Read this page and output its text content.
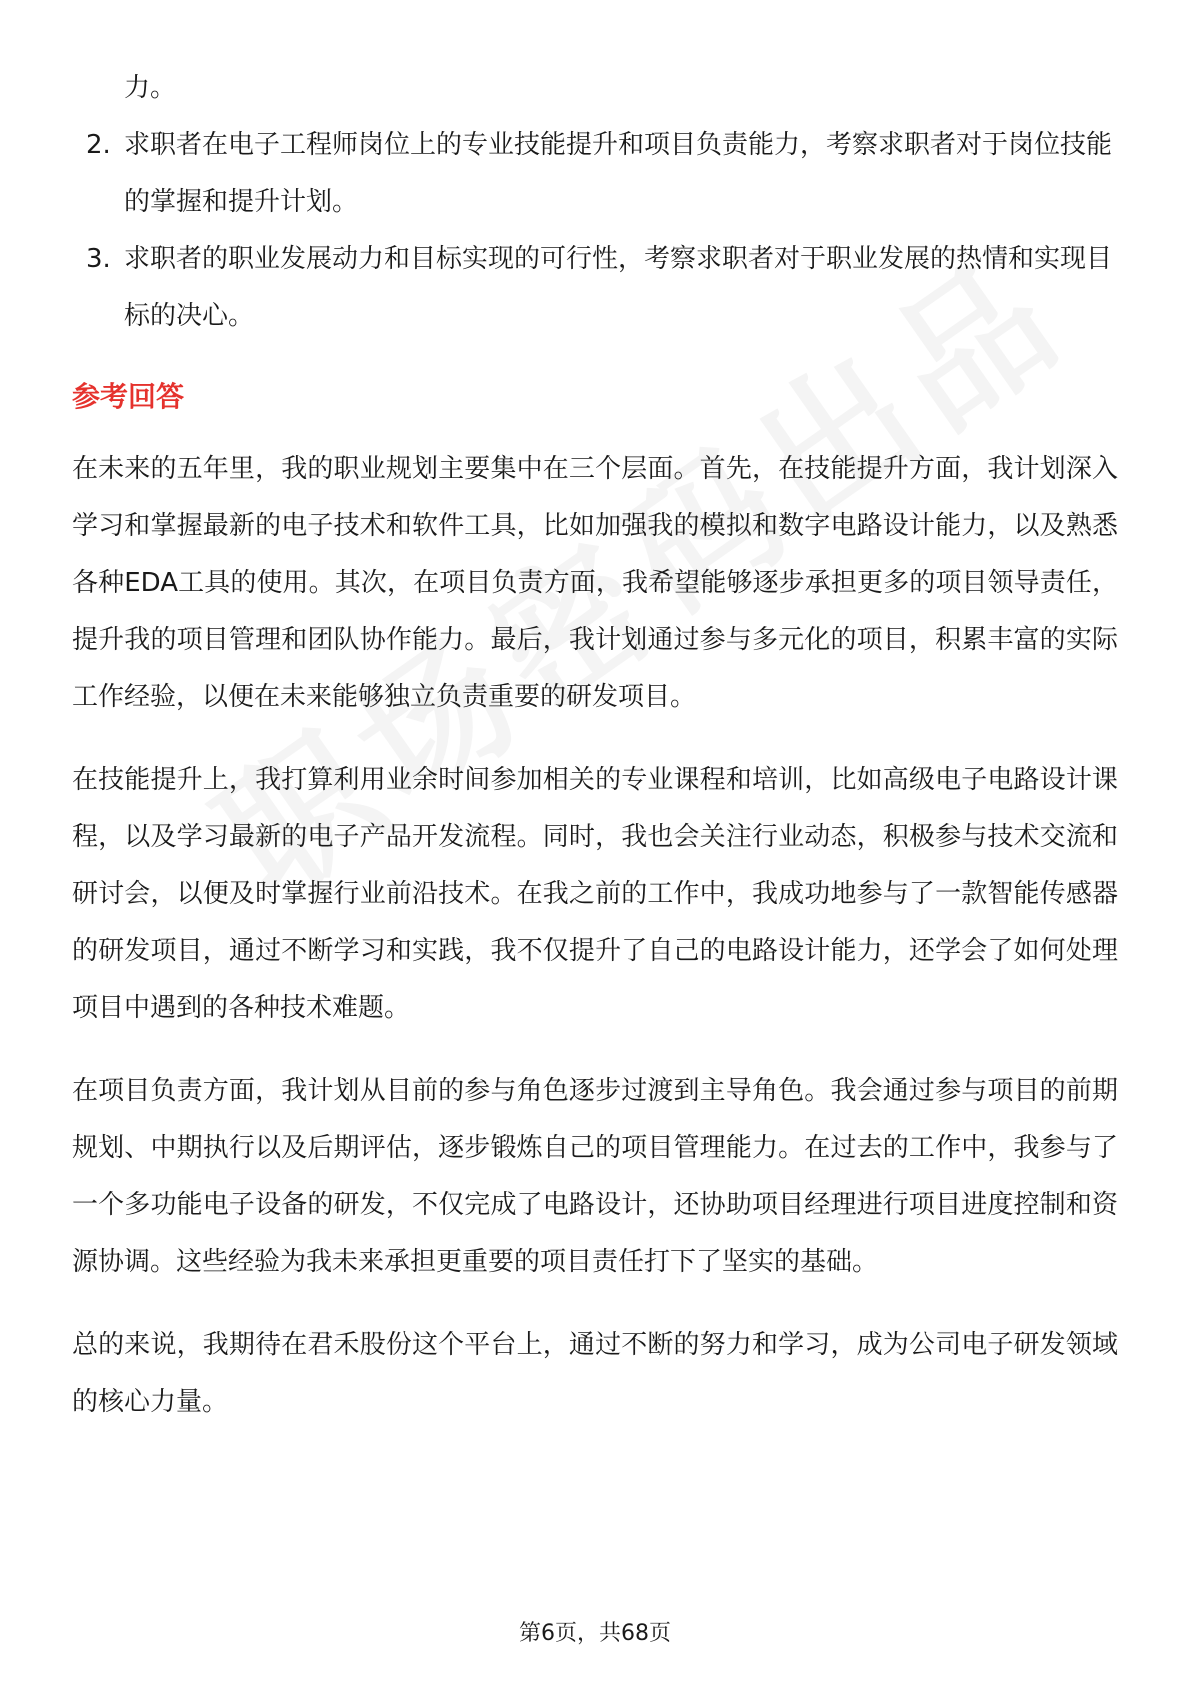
力。

2. 求职者在电子工程师岗位上的专业技能提升和项目负责能力，考察求职者对于岗位技能的掌握和提升计划。
3. 求职者的职业发展动力和目标实现的可行性，考察求职者对于职业发展的热情和实现目标的决心。
参考回答

在未来的五年里，我的职业规划主要集中在三个层面。首先，在技能提升方面，我计划深入学习和掌握最新的电子技术和软件工具，比如加强我的模拟和数字电路设计能力，以及熟悉各种EDA工具的使用。其次，在项目负责方面，我希望能够逐步承担更多的项目领导责任，提升我的项目管理和团队协作能力。最后，我计划通过参与多元化的项目，积累丰富的实际工作经验，以便在未来能够独立负责重要的研发项目。

在技能提升上，我打算利用业余时间参加相关的专业课程和培训，比如高级电子电路设计课程，以及学习最新的电子产品开发流程。同时，我也会关注行业动态，积极参与技术交流和研讨会，以便及时掌握行业前沿技术。在我之前的工作中，我成功地参与了一款智能传感器的研发项目，通过不断学习和实践，我不仅提升了自己的电路设计能力，还学会了如何处理项目中遇到的各种技术难题。

在项目负责方面，我计划从目前的参与角色逐步过渡到主导角色。我会通过参与项目的前期规划、中期执行以及后期评估，逐步锻炼自己的项目管理能力。在过去的工作中，我参与了一个多功能电子设备的研发，不仅完成了电路设计，还协助项目经理进行项目进度控制和资源协调。这些经验为我未来承担更重要的项目责任打下了坚实的基础。

总的来说，我期待在君禾股份这个平台上，通过不断的努力和学习，成为公司电子研发领域的核心力量。

第6页，共68页
